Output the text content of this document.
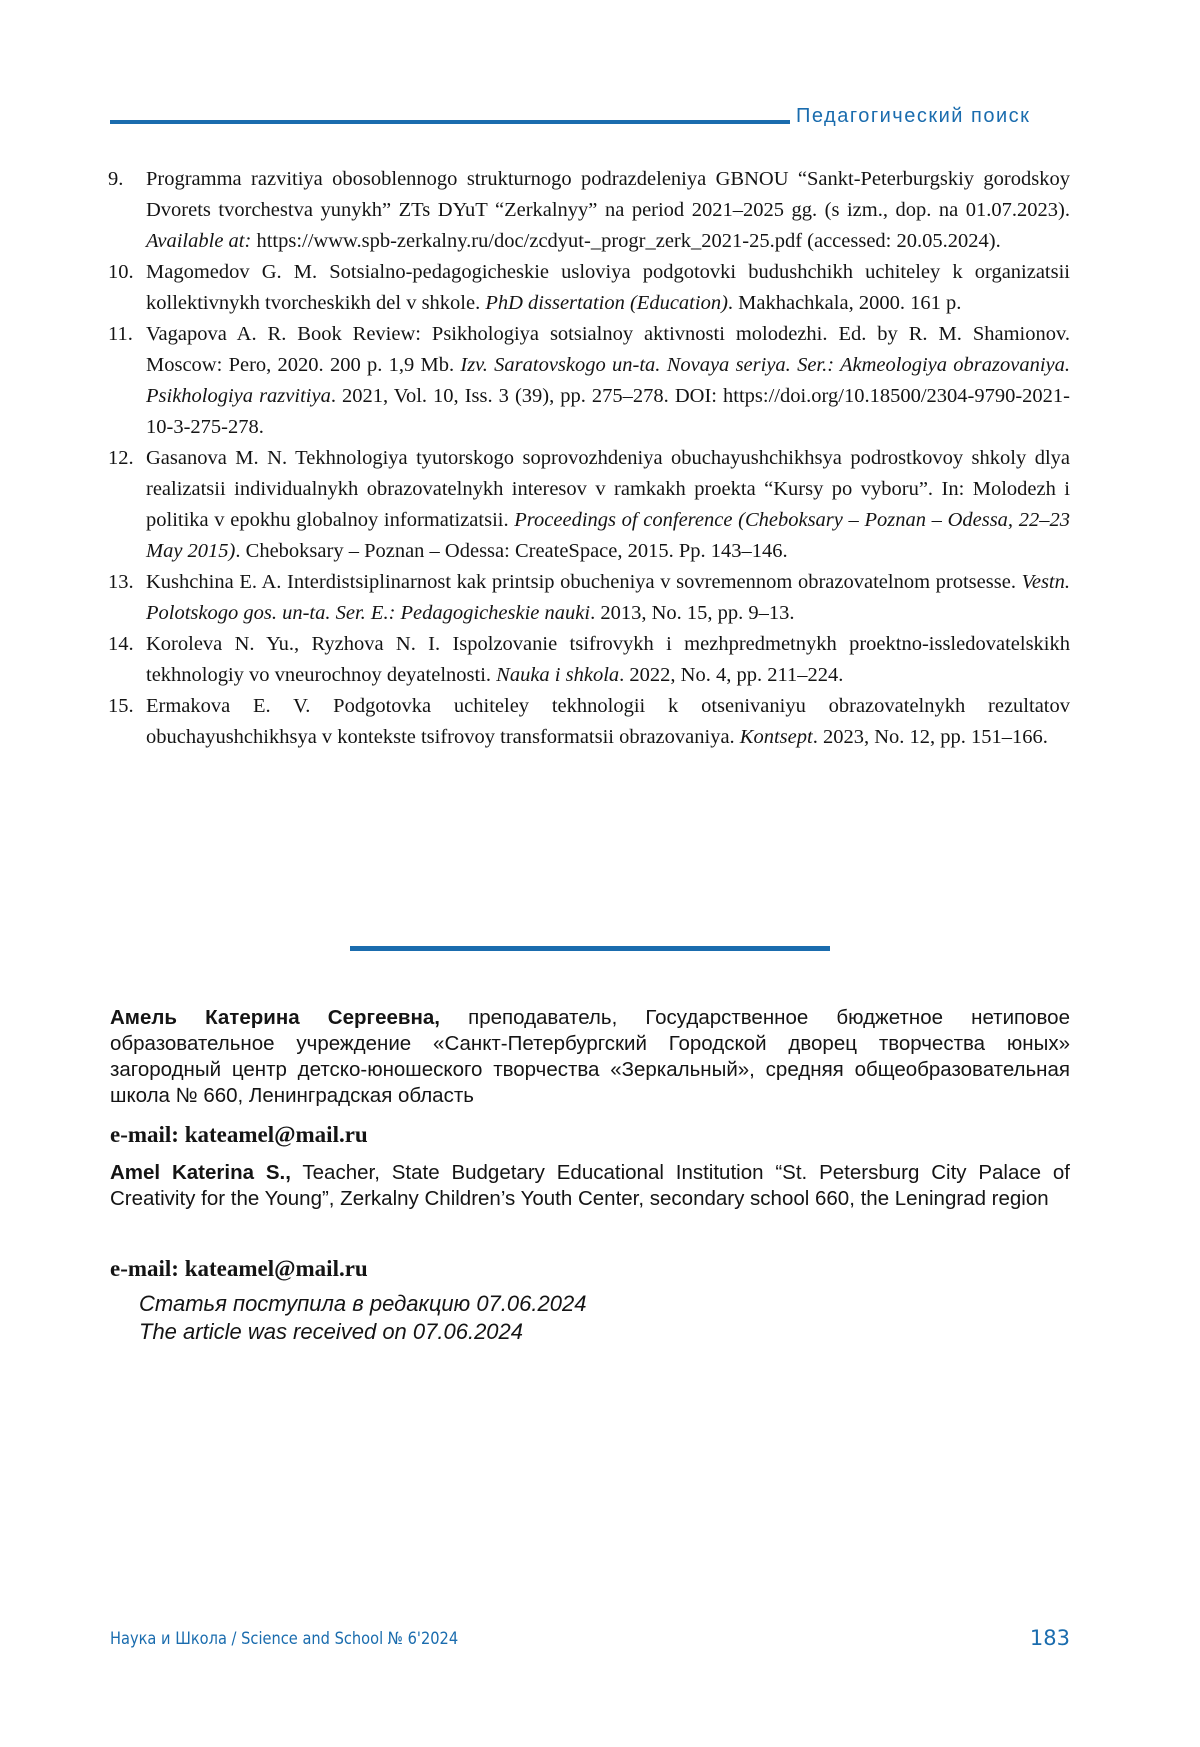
Педагогический поиск
9.	Programma razvitiya obosoblennogo strukturnogo podrazdeleniya GBNOU “Sankt-Peterburgskiy gorodskoy Dvorets tvorchestva yunykh” ZTs DYuT “Zerkalnyy” na period 2021–2025 gg. (s izm., dop. na 01.07.2023). Available at: https://www.spb-zerkalny.ru/doc/zcdyut-_progr_zerk_2021-25.pdf (accessed: 20.05.2024).
10. Magomedov G. M. Sotsialno-pedagogicheskie usloviya podgotovki budushchikh uchiteley k organizatsii kollektivnykh tvorcheskikh del v shkole. PhD dissertation (Education). Makhachkala, 2000. 161 p.
11. Vagapova A. R. Book Review: Psikhologiya sotsialnoy aktivnosti molodezhi. Ed. by R. M. Shamionov. Moscow: Pero, 2020. 200 p. 1,9 Mb. Izv. Saratovskogo un-ta. Novaya seriya. Ser.: Akmeologiya obrazovaniya. Psikhologiya razvitiya. 2021, Vol. 10, Iss. 3 (39), pp. 275–278. DOI: https://doi.org/10.18500/2304-9790-2021-10-3-275-278.
12. Gasanova M. N. Tekhnologiya tyutorskogo soprovozhdeniya obuchayushchikhsya podrostkovoy shkoly dlya realizatsii individualnykh obrazovatelnykh interesov v ramkakh proekta “Kursy po vyboru”. In: Molodezh i politika v epokhu globalnoy informatizatsii. Proceedings of conference (Cheboksary – Poznan – Odessa, 22–23 May 2015). Cheboksary – Poznan – Odessa: CreateSpace, 2015. Pp. 143–146.
13. Kushchina E. A. Interdistsiplinarnost kak printsip obucheniya v sovremennom obrazovatelnom protsesse. Vestn. Polotskogo gos. un-ta. Ser. E.: Pedagogicheskie nauki. 2013, No. 15, pp. 9–13.
14. Koroleva N. Yu., Ryzhova N. I. Ispolzovanie tsifrovykh i mezhpredmetnykh proektno-issledovatelskikh tekhnologiy vo vneurochnoy deyatelnosti. Nauka i shkola. 2022, No. 4, pp. 211–224.
15. Ermakova E. V. Podgotovka uchiteley tekhnologii k otsenivaniyu obrazovatelnykh rezultatov obuchayushchikhsya v kontekste tsifrovoy transformatsii obrazovaniya. Kontsept. 2023, No. 12, pp. 151–166.
Амель Катерина Сергеевна, преподаватель, Государственное бюджетное нетиповое образовательное учреждение «Санкт-Петербургский Городской дворец творчества юных» загородный центр детско-юношеского творчества «Зеркальный», средняя общеобразовательная школа № 660, Ленинградская область
e-mail: kateamel@mail.ru
Amel Katerina S., Teacher, State Budgetary Educational Institution “St. Petersburg City Palace of Creativity for the Young”, Zerkalny Children’s Youth Center, secondary school 660, the Leningrad region
e-mail: kateamel@mail.ru
Статья поступила в редакцию 07.06.2024
The article was received on 07.06.2024
Наука и Школа / Science and School № 6'2024	183
